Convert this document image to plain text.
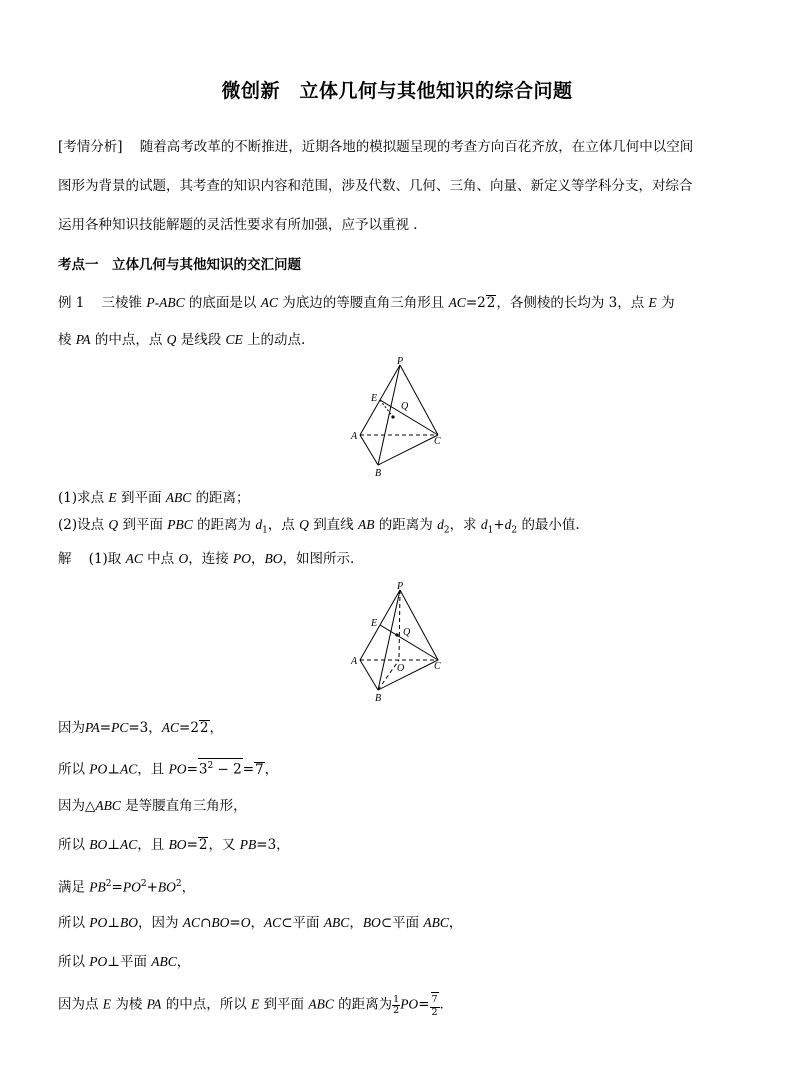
微创新　立体几何与其他知识的综合问题
[考情分析] 随着高考改革的不断推进，近期各地的模拟题呈现的考查方向百花齐放，在立体几何中以空间
图形为背景的试题，其考查的知识内容和范围，涉及代数、几何、三角、向量、新定义等学科分支，对综合
运用各种知识技能解题的灵活性要求有所加强，应予以重视 .
考点一　立体几何与其他知识的交汇问题
例 1 三棱锥 P-ABC 的底面是以 AC 为底边的等腰直角三角形且 AC=22，各侧棱的长均为 3，点 E 为
棱 PA 的中点，点 Q 是线段 CE 上的动点.
P
E
Q
A	C
B
(1)求点 E 到平面 ABC 的距离；
(2)设点 Q 到平面 PBC 的距离为 $d_1$，点 Q 到直线 AB 的距离为 $d_2$，求 $d_1+d_2$ 的最小值.
解 (1)取 AC 中点 O，连接 PO，BO，如图所示.
P
E
Q
O
A	C
B
因为PA=PC=3，AC=22，
所以 PO⊥AC，且 $PO=3^2 - 2=7$，
因为△ABC 是等腰直角三角形，
所以 BO⊥AC，且 BO=2，又 PB=3，
满足 $PB^2=PO^2+BO^2$，
所以 PO⊥BO，因为 AC∩BO=O，AC⊂平面 ABC，BO⊂平面 ABC，
所以 PO⊥平面 ABC，
因为点 E 为棱 PA 的中点，所以 E 到平面 ABC 的距离为 $\frac{1}{2} PO= \frac{7}{2}$ .
